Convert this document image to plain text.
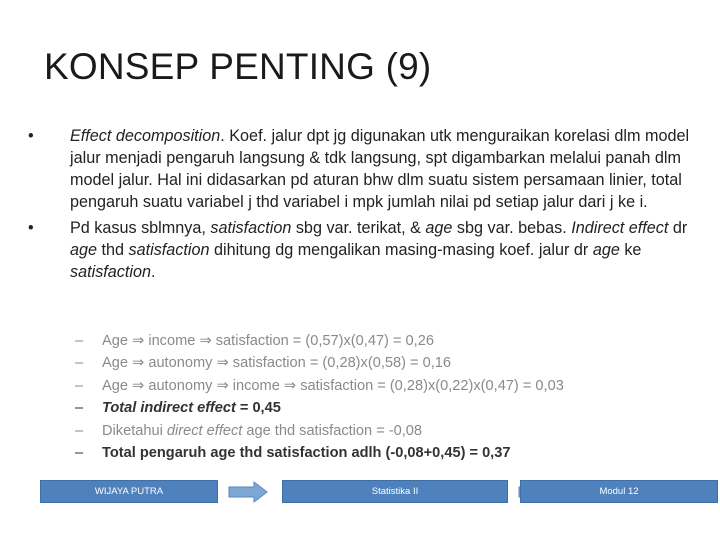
KONSEP PENTING (9)
•	Effect decomposition. Koef. jalur dpt jg digunakan utk menguraikan korelasi dlm model jalur menjadi pengaruh langsung & tdk langsung, spt digambarkan melalui panah dlm model jalur. Hal ini didasarkan pd aturan bhw dlm suatu sistem persamaan linier, total pengaruh suatu variabel j thd variabel i mpk jumlah nilai pd setiap jalur dari j ke i.
•	Pd kasus sblmnya, satisfaction sbg var. terikat, & age sbg var. bebas. Indirect effect dr age thd satisfaction dihitung dg mengalikan masing-masing koef. jalur dr age ke satisfaction.
– Age ⇒ income ⇒ satisfaction = (0,57)x(0,47) = 0,26
– Age ⇒ autonomy ⇒ satisfaction = (0,28)x(0,58) = 0,16
– Age ⇒ autonomy ⇒ income ⇒ satisfaction = (0,28)x(0,22)x(0,47) = 0,03
– Total indirect effect = 0,45
– Diketahui direct effect age thd satisfaction = -0,08
– Total pengaruh age thd satisfaction adlh (-0,08+0,45) = 0,37
WIJAYA PUTRA	Statistika II	Modul 12
